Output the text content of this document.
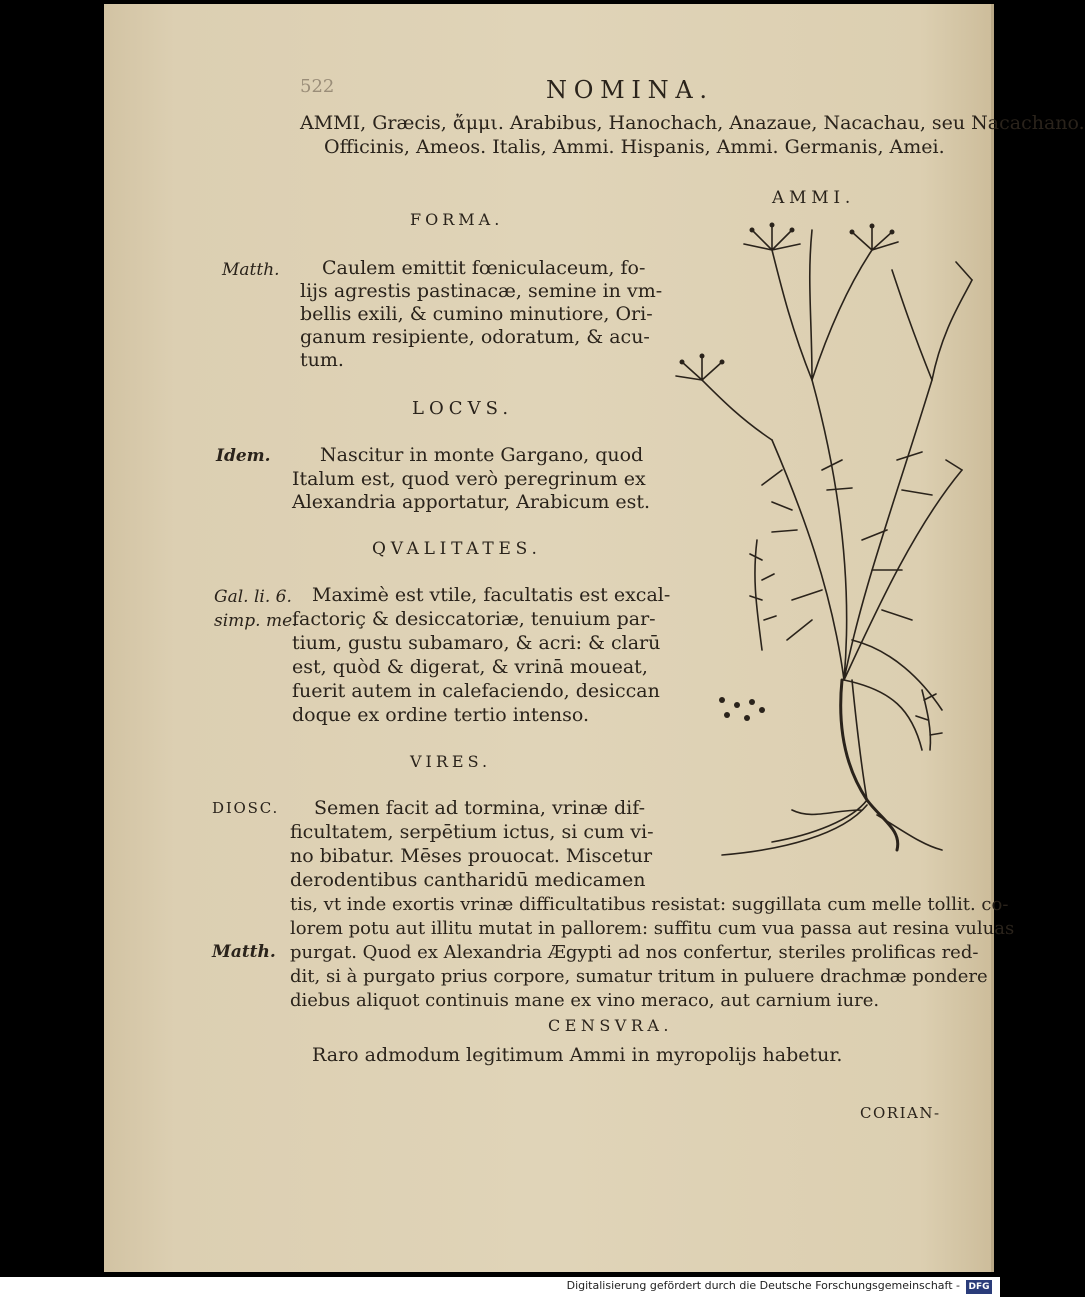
522	NOMINA.
AMMI, Græcis, ἄμμι. Arabibus, Hanochach, Anazaue, Nacachau, seu Nacachano.
Officinis, Ameos. Italis, Ammi. Hispanis, Ammi. Germanis, Amei.
AMMI.
FORMA.
Matth. Caulem emittit fœniculaceum, fo-
lijs agrestis pastinacæ, semine in vm-
bellis exili, & cumino minutiore, Ori-
ganum resipiente, odoratum, & acu-
tum.
LOCVS.
Idem.	Nascitur in monte Gargano, quod
Italum est, quod verò peregrinum ex
Alexandria apportatur, Arabicum est.
QVALITATES.
Gal. li. 6.
simp. me.
Maximè est vtile, facultatis est excal-
factoriç & desiccatoriæ, tenuium par-
tium, gustu subamaro, & acri: & clarū
est, quòd & digerat, & vrinā moueat,
fuerit autem in calefaciendo, desiccan
doque ex ordine tertio intenso.
VIRES.
DIOSC. Semen facit ad tormina, vrinæ dif-
ficultatem, serpētium ictus, si cum vi-
no bibatur. Mēses prouocat. Miscetur
derodentibus cantharidū medicamen
tis, vt inde exortis vrinæ difficultatibus resistat: suggillata cum melle tollit. co-
lorem potu aut illitu mutat in pallorem: suffitu cum vua passa aut resina vuluas
Matth. purgat. Quod ex Alexandria Ægypti ad nos confertur, steriles prolificas red-
dit, si à purgato prius corpore, sumatur tritum in puluere drachmæ pondere
diebus aliquot continuis mane ex vino meraco, aut carnium iure.
CENSVRA.
Raro admodum legitimum Ammi in myropolijs habetur.
CORIAN-
Digitalisierung gefördert durch die Deutsche Forschungsgemeinschaft - DFG
